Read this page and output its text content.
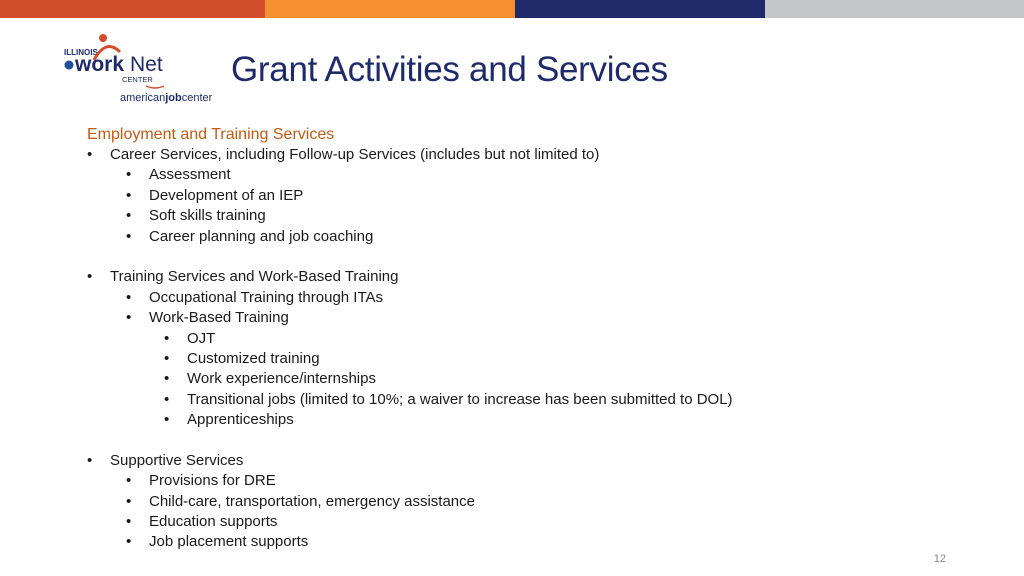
ILLINOIS
work Net
CENTER
americanjobcenter
Grant Activities and Services
Employment and Training Services
• Career Services, including Follow-up Services (includes but not limited to)
• Assessment
• Development of an IEP
• Soft skills training
• Career planning and job coaching
• Training Services and Work-Based Training
• Occupational Training through ITAs
• Work-Based Training
• OJT
• Customized training
• Work experience/internships
• Transitional jobs (limited to 10%; a waiver to increase has been submitted to DOL)
• Apprenticeships
• Supportive Services
• Provisions for DRE
• Child-care, transportation, emergency assistance
• Education supports
• Job placement supports
12
